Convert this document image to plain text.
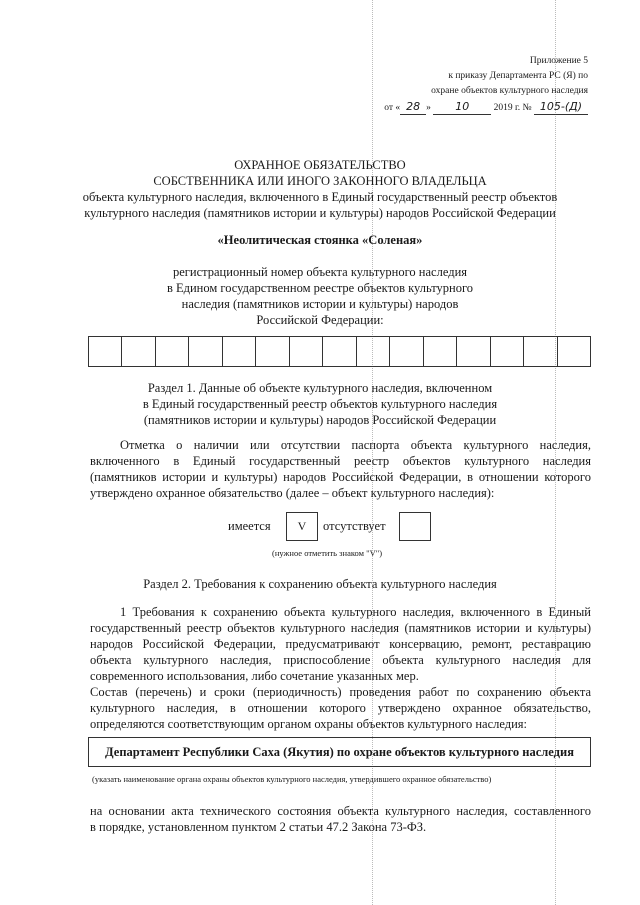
Приложение 5
к приказу Департамента РС (Я) по
охране объектов культурного наследия
от « 28 » 10	2019 г. № 105-(Д)
ОХРАННОЕ ОБЯЗАТЕЛЬСТВО
СОБСТВЕННИКА ИЛИ ИНОГО ЗАКОННОГО ВЛАДЕЛЬЦА
объекта культурного наследия, включенного в Единый государственный реестр объектов
культурного наследия (памятников истории и культуры) народов Российской Федерации
«Неолитическая стоянка «Соленая»
регистрационный номер объекта культурного наследия
в Едином государственном реестре объектов культурного
наследия (памятников истории и культуры) народов
Российской Федерации:
Раздел 1. Данные об объекте культурного наследия, включенном
в Единый государственный реестр объектов культурного наследия
(памятников истории и культуры) народов Российской Федерации
Отметка о наличии или отсутствии паспорта объекта культурного наследия,
включенного в Единый государственный реестр объектов культурного наследия
(памятников истории и культуры) народов Российской Федерации, в отношении которого
утверждено охранное обязательство (далее – объект культурного наследия):
имеется	V	отсутствует
(нужное отметить знаком "V")
Раздел 2. Требования к сохранению объекта культурного наследия
1 Требования к сохранению объекта культурного наследия, включенного в Единый
государственный реестр объектов культурного наследия (памятников истории и культуры)
народов Российской Федерации, предусматривают консервацию, ремонт, реставрацию
объекта культурного наследия, приспособление объекта культурного наследия для
современного использования, либо сочетание указанных мер.
Состав (перечень) и сроки (периодичность) проведения работ по сохранению объекта
культурного наследия, в отношении которого утверждено охранное обязательство,
определяются соответствующим органом охраны объектов культурного наследия:
Департамент Республики Саха (Якутия) по охране объектов культурного наследия
(указать наименование органа охраны объектов культурного наследия, утвердившего охранное обязательство)
на основании акта технического состояния объекта культурного наследия, составленного
в порядке, установленном пунктом 2 статьи 47.2 Закона 73-ФЗ.
